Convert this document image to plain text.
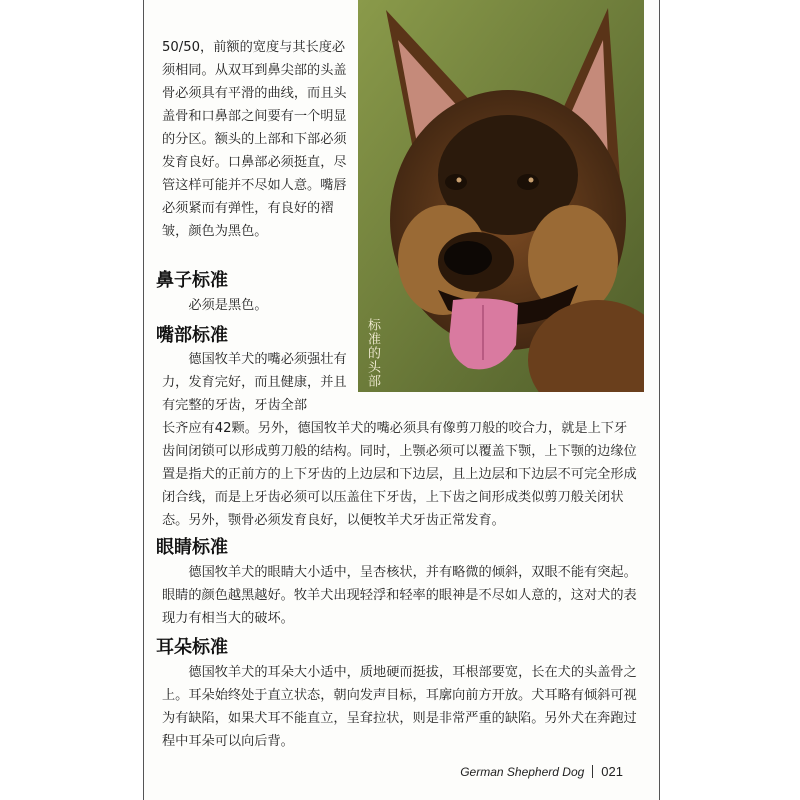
50/50，前额的宽度与其长度必须相同。从双耳到鼻尖部的头盖骨必须具有平滑的曲线，而且头盖骨和口鼻部之间要有一个明显的分区。额头的上部和下部必须发育良好。口鼻部必须挺直，尽管这样可能并不尽如人意。嘴唇必须紧而有弹性，有良好的褶皱，颜色为黑色。

标准的头部
鼻子标准

必须是黑色。

嘴部标准

德国牧羊犬的嘴必须强壮有力，发育完好，而且健康，并且有完整的牙齿，牙齿全部

长齐应有42颗。另外，德国牧羊犬的嘴必须具有像剪刀般的咬合力，就是上下牙齿间闭锁可以形成剪刀般的结构。同时，上颚必须可以覆盖下颚，上下颚的边缘位置是指犬的正前方的上下牙齿的上边层和下边层，且上边层和下边层不可完全形成闭合线，而是上牙齿必须可以压盖住下牙齿，上下齿之间形成类似剪刀般关闭状态。另外，颚骨必须发育良好，以便牧羊犬牙齿正常发育。

眼睛标准

德国牧羊犬的眼睛大小适中，呈杏核状，并有略微的倾斜，双眼不能有突起。眼睛的颜色越黑越好。牧羊犬出现轻浮和轻率的眼神是不尽如人意的，这对犬的表现力有相当大的破坏。

耳朵标准

德国牧羊犬的耳朵大小适中，质地硬而挺拔，耳根部要宽，长在犬的头盖骨之上。耳朵始终处于直立状态，朝向发声目标，耳廓向前方开放。犬耳略有倾斜可视为有缺陷，如果犬耳不能直立，呈耷拉状，则是非常严重的缺陷。另外犬在奔跑过程中耳朵可以向后背。

German Shepherd Dog 021
